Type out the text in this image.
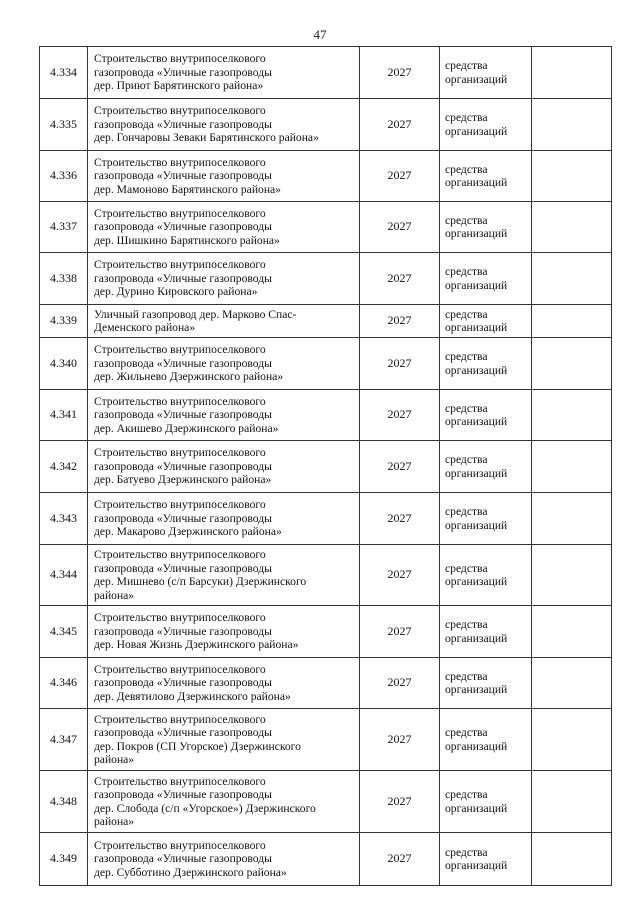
47
4.334	Строительство внутрипоселкового
газопровода «Уличные газопроводы
дер. Приют Барятинского района»	2027	средства
организаций	

4.335	Строительство внутрипоселкового
газопровода «Уличные газопроводы
дер. Гончаровы Зеваки Барятинского района»	2027	средства
организаций	

4.336	Строительство внутрипоселкового
газопровода «Уличные газопроводы
дер. Мамоново Барятинского района»	2027	средства
организаций	

4.337	Строительство внутрипоселкового
газопровода «Уличные газопроводы
дер. Шишкино Барятинского района»	2027	средства
организаций	

4.338	Строительство внутрипоселкового
газопровода «Уличные газопроводы
дер. Дурино Кировского района»	2027	средства
организаций	

4.339	Уличный газопровод дер. Марково Спас-
Деменского района»	2027	средства
организаций	

4.340	Строительство внутрипоселкового
газопровода «Уличные газопроводы
дер. Жильнево Дзержинского района»	2027	средства
организаций	

4.341	Строительство внутрипоселкового
газопровода «Уличные газопроводы
дер. Акишево Дзержинского района»	2027	средства
организаций	

4.342	Строительство внутрипоселкового
газопровода «Уличные газопроводы
дер. Батуево Дзержинского района»	2027	средства
организаций	

4.343	Строительство внутрипоселкового
газопровода «Уличные газопроводы
дер. Макарово Дзержинского района»	2027	средства
организаций	

4.344	Строительство внутрипоселкового
газопровода «Уличные газопроводы
дер. Мишнево (с/п Барсуки) Дзержинского
района»	2027	средства
организаций	

4.345	Строительство внутрипоселкового
газопровода «Уличные газопроводы
дер. Новая Жизнь Дзержинского района»	2027	средства
организаций	

4.346	Строительство внутрипоселкового
газопровода «Уличные газопроводы
дер. Девятилово Дзержинского района»	2027	средства
организаций	

4.347	Строительство внутрипоселкового
газопровода «Уличные газопроводы
дер. Покров (СП Угорское) Дзержинского
района»	2027	средства
организаций	

4.348	Строительство внутрипоселкового
газопровода «Уличные газопроводы
дер. Слобода (с/п «Угорское») Дзержинского
района»	2027	средства
организаций	

4.349	Строительство внутрипоселкового
газопровода «Уличные газопроводы
дер. Субботино Дзержинского района»	2027	средства
организаций	
